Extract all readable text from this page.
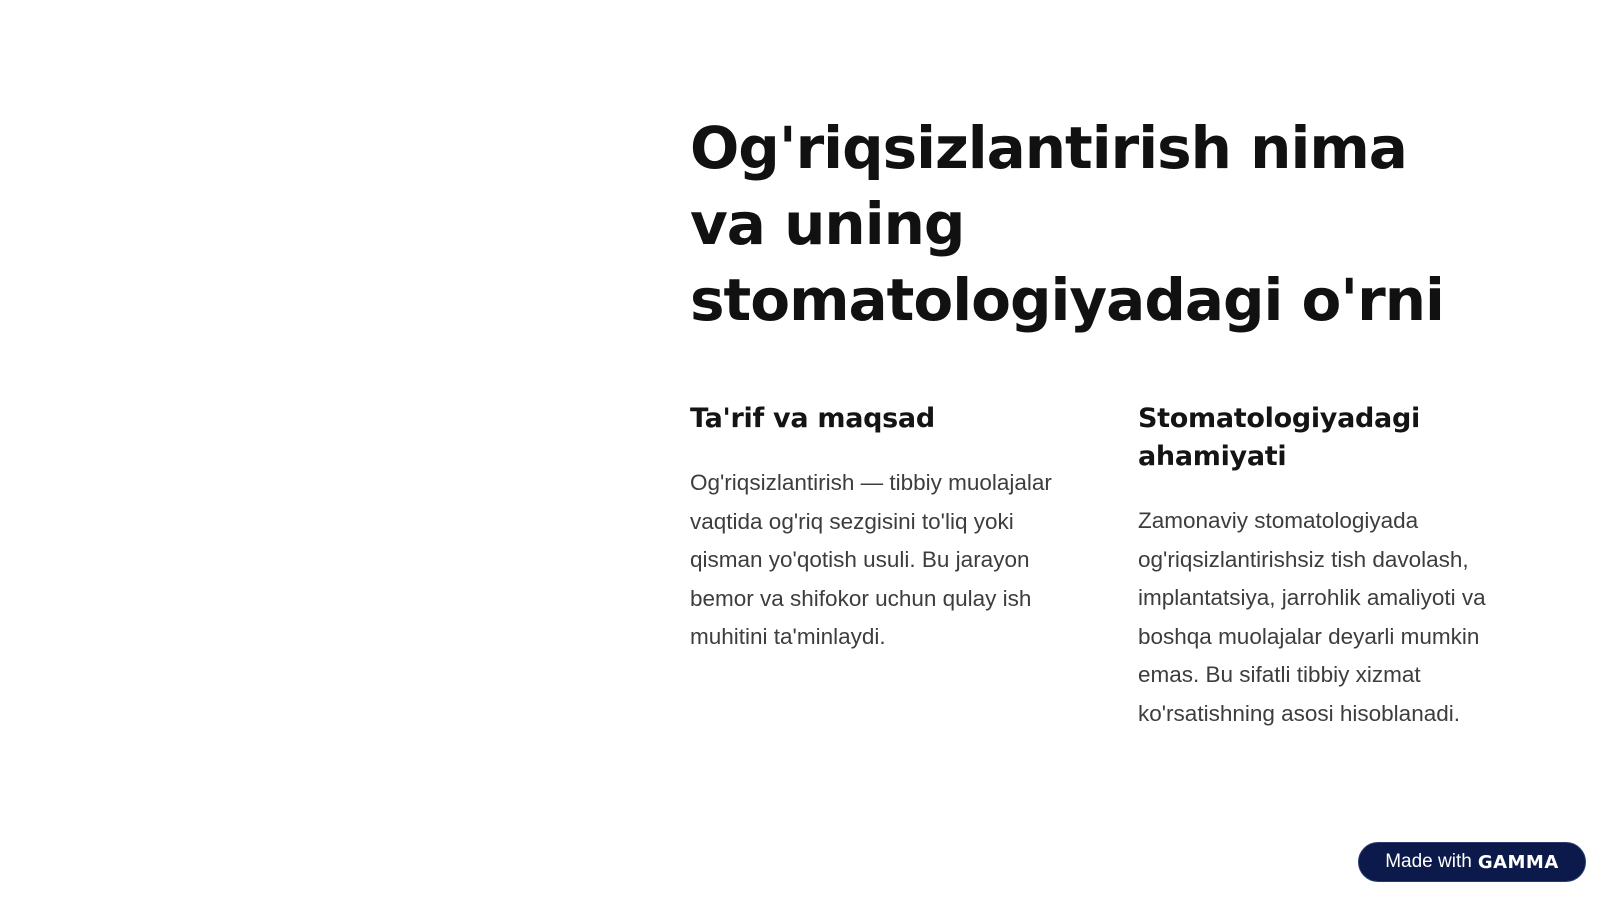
Og'riqsizlantirish nima va uning stomatologiyadagi o'rni
Ta'rif va maqsad

Og'riqsizlantirish — tibbiy muolajalar vaqtida og'riq sezgisini to'liq yoki qisman yo'qotish usuli. Bu jarayon bemor va shifokor uchun qulay ish muhitini ta'minlaydi.

Stomatologiyadagi ahamiyati

Zamonaviy stomatologiyada og'riqsizlantirishsiz tish davolash, implantatsiya, jarrohlik amaliyoti va boshqa muolajalar deyarli mumkin emas. Bu sifatli tibbiy xizmat ko'rsatishning asosi hisoblanadi.

Made with GAMMA
